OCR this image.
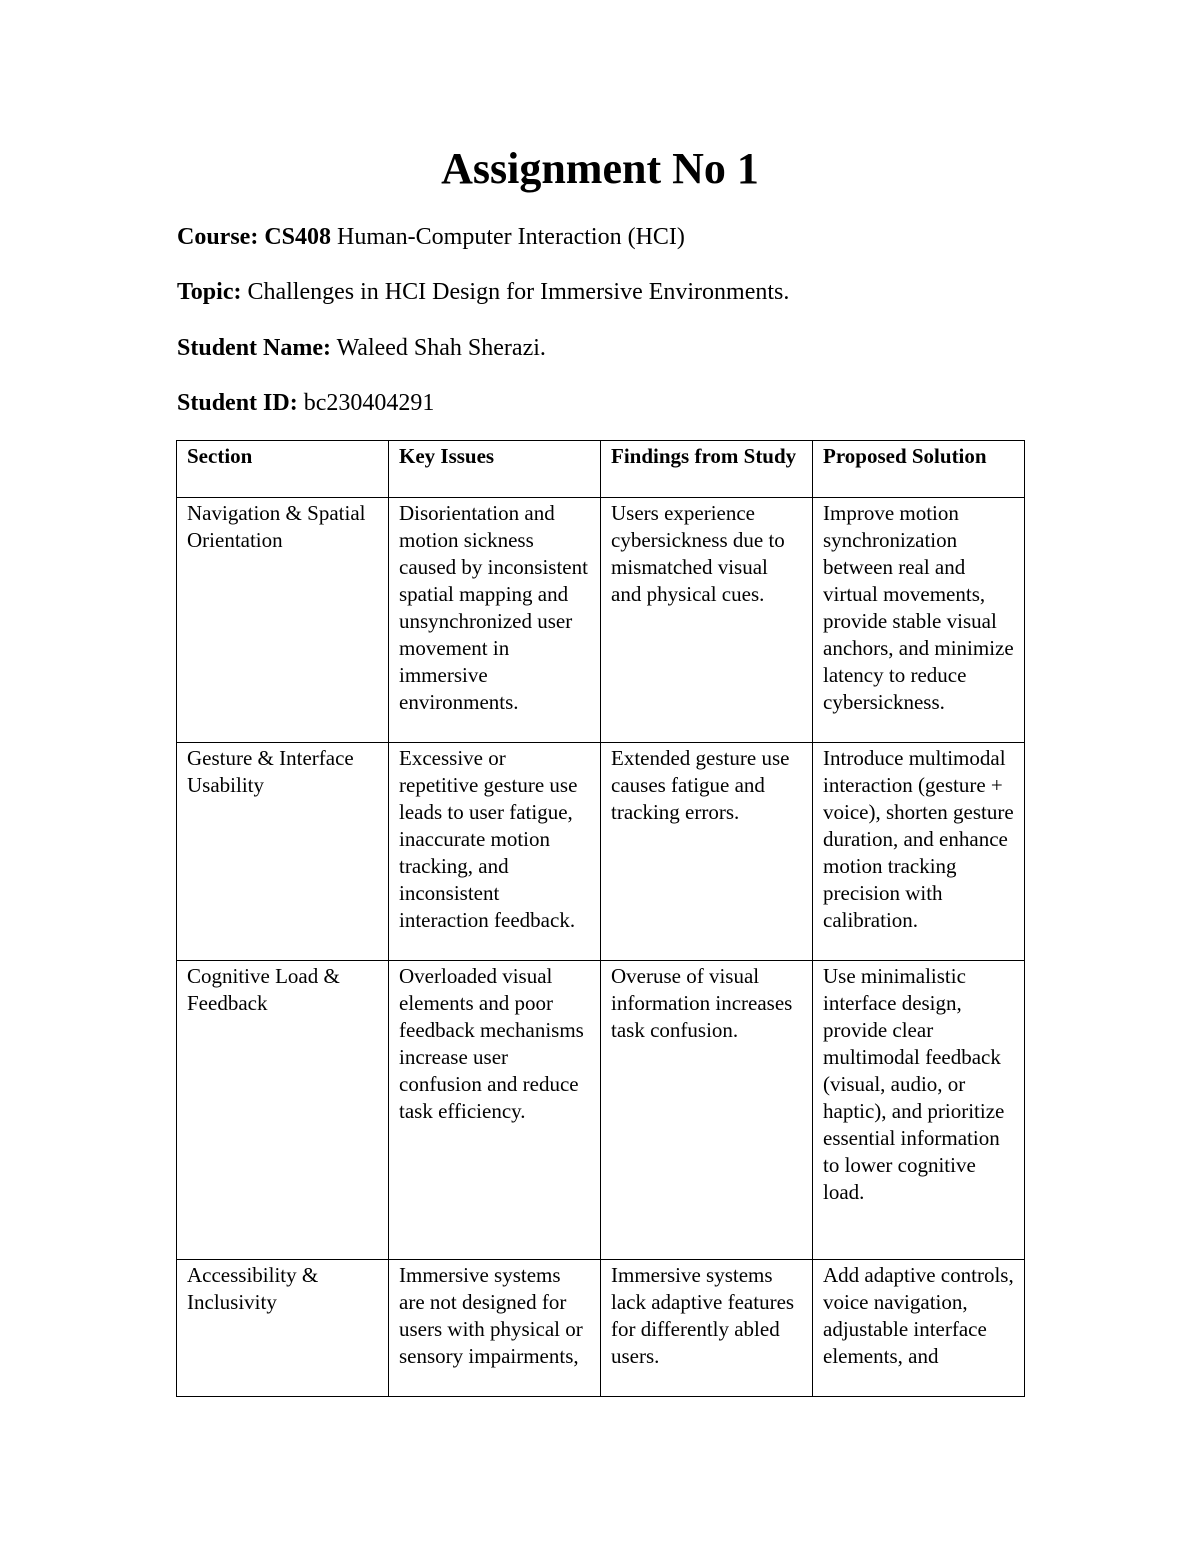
Assignment No 1

Course: CS408 Human-Computer Interaction (HCI)

Topic: Challenges in HCI Design for Immersive Environments.

Student Name: Waleed Shah Sherazi.

Student ID: bc230404291

Section	Key Issues	Findings from Study	Proposed Solution
Navigation & Spatial Orientation	Disorientation and motion sickness caused by inconsistent spatial mapping and unsynchronized user movement in immersive environments.	Users experience cybersickness due to mismatched visual and physical cues.	Improve motion synchronization between real and virtual movements, provide stable visual anchors, and minimize latency to reduce cybersickness.
Gesture & Interface Usability	Excessive or repetitive gesture use leads to user fatigue, inaccurate motion tracking, and inconsistent interaction feedback.	Extended gesture use causes fatigue and tracking errors.	Introduce multimodal interaction (gesture + voice), shorten gesture duration, and enhance motion tracking precision with calibration.
Cognitive Load & Feedback	Overloaded visual elements and poor feedback mechanisms increase user confusion and reduce task efficiency.	Overuse of visual information increases task confusion.	Use minimalistic interface design, provide clear multimodal feedback (visual, audio, or haptic), and prioritize essential information to lower cognitive load.
Accessibility & Inclusivity	Immersive systems are not designed for users with physical or sensory impairments,	Immersive systems lack adaptive features for differently abled users.	Add adaptive controls, voice navigation, adjustable interface elements, and
